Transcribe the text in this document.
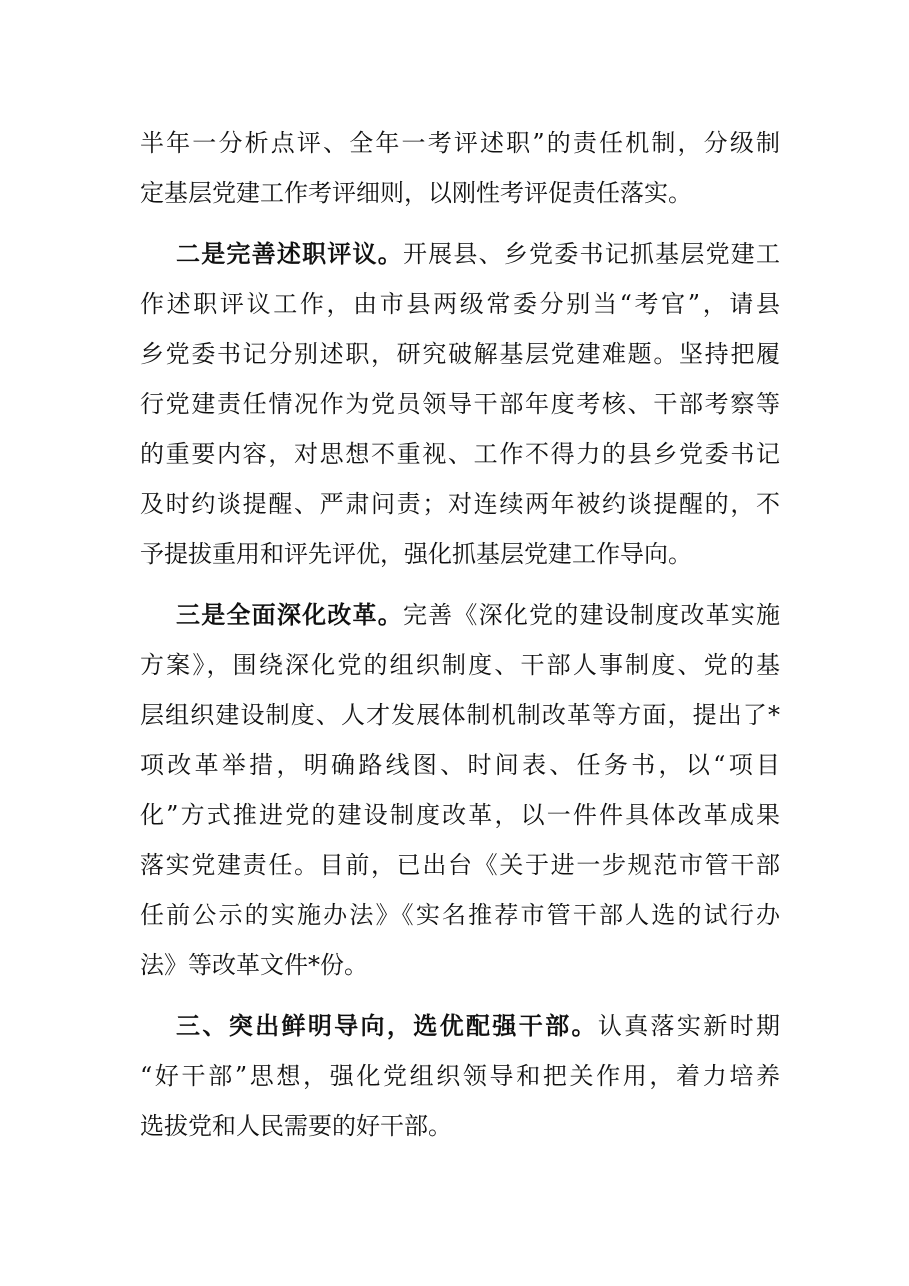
半年一分析点评、全年一考评述职”的责任机制，分级制
定基层党建工作考评细则，以刚性考评促责任落实。
二是完善述职评议。开展县、乡党委书记抓基层党建工
作述职评议工作，由市县两级常委分别当“考官”，请县
乡党委书记分别述职，研究破解基层党建难题。坚持把履
行党建责任情况作为党员领导干部年度考核、干部考察等
的重要内容，对思想不重视、工作不得力的县乡党委书记
及时约谈提醒、严肃问责；对连续两年被约谈提醒的，不
予提拔重用和评先评优，强化抓基层党建工作导向。
三是全面深化改革。完善《深化党的建设制度改革实施
方案》，围绕深化党的组织制度、干部人事制度、党的基
层组织建设制度、人才发展体制机制改革等方面，提出了*
项改革举措，明确路线图、时间表、任务书，以“项目
化”方式推进党的建设制度改革，以一件件具体改革成果
落实党建责任。目前，已出台《关于进一步规范市管干部
任前公示的实施办法》《实名推荐市管干部人选的试行办
法》等改革文件*份。
三、突出鲜明导向，选优配强干部。认真落实新时期
“好干部”思想，强化党组织领导和把关作用，着力培养
选拔党和人民需要的好干部。
